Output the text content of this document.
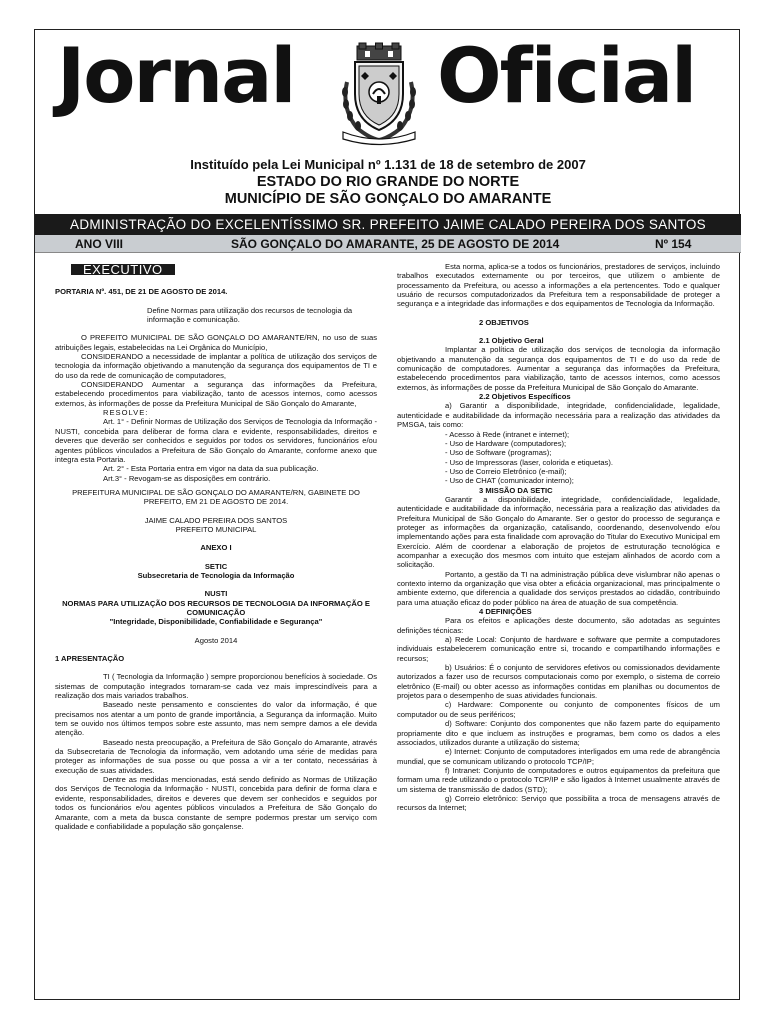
Jornal Oficial
Instituído pela Lei Municipal nº 1.131 de 18 de setembro de 2007
ESTADO DO RIO GRANDE DO NORTE
MUNICÍPIO DE SÃO GONÇALO DO AMARANTE
ADMINISTRAÇÃO DO EXCELENTÍSSIMO SR. PREFEITO JAIME CALADO PEREIRA DOS SANTOS
ANO VIII	SÃO GONÇALO DO AMARANTE, 25 DE AGOSTO DE 2014	Nº 154
EXECUTIVO

PORTARIA Nº. 451, DE 21 DE AGOSTO DE 2014.

Define Normas para utilização dos recursos de tecnologia da informação e comunicação.

O PREFEITO MUNICIPAL DE SÃO GONÇALO DO AMARANTE/RN, no uso de suas atribuições legais, estabelecidas na Lei Orgânica do Município,

CONSIDERANDO a necessidade de implantar a política de utilização dos serviços de tecnologia da informação objetivando a manutenção da segurança dos equipamentos de TI e do uso da rede de comunicação de computadores,

CONSIDERANDO Aumentar a segurança das informações da Prefeitura, estabelecendo procedimentos para viabilização, tanto de acessos internos, como acessos externos, às informações de posse da Prefeitura Municipal de São Gonçalo do Amarante,

RESOLVE:

Art. 1° - Definir Normas de Utilização dos Serviços de Tecnologia da Informação - NUSTI, concebida para deliberar de forma clara e evidente, responsabilidades, direitos e deveres que deverão ser conhecidos e seguidos por todos os servidores, funcionários e/ou agentes públicos vinculados a Prefeitura de São Gonçalo do Amarante, conforme anexo que integra esta Portaria.

Art. 2° - Esta Portaria entra em vigor na data da sua publicação.

Art.3° - Revogam-se as disposições em contrário.

PREFEITURA MUNICIPAL DE SÃO GONÇALO DO AMARANTE/RN, GABINETE DO PREFEITO, EM 21 DE AGOSTO DE 2014.

JAIME CALADO PEREIRA DOS SANTOS

PREFEITO MUNICIPAL

ANEXO I

SETIC

Subsecretaria de Tecnologia da Informação

NUSTI

NORMAS PARA UTILIZAÇÃO DOS RECURSOS DE TECNOLOGIA DA INFORMAÇÃO E COMUNICAÇÃO

"Integridade, Disponibilidade, Confiabilidade e Segurança"

Agosto 2014

1 APRESENTAÇÃO

TI ( Tecnologia da Informação ) sempre proporcionou benefícios à sociedade. Os sistemas de computação integrados tornaram-se cada vez mais imprescindíveis para a realização dos mais variados trabalhos.

Baseado neste pensamento e conscientes do valor da informação, é que precisamos nos atentar a um ponto de grande importância, a Segurança da informação. Muito tem se ouvido nos últimos tempos sobre este assunto, mas nem sempre damos a ele devida atenção.

Baseado nesta preocupação, a Prefeitura de São Gonçalo do Amarante, através da Subsecretaria de Tecnologia da informação, vem adotando uma série de medidas para proteger as informações de sua posse ou que possa a vir a ter contato, necessárias à execução de suas atividades.

Dentre as medidas mencionadas, está sendo definido as Normas de Utilização dos Serviços de Tecnologia da Informação - NUSTI, concebida para definir de forma clara e evidente, responsabilidades, direitos e deveres que devem ser conhecidos e seguidos por todos os funcionários e/ou agentes públicos vinculados a Prefeitura de São Gonçalo do Amarante, com a meta da busca constante de sempre podermos prestar um serviço com qualidade e confiabilidade a população são gonçalense.

Esta norma, aplica-se a todos os funcionários, prestadores de serviços, incluindo trabalhos executados externamente ou por terceiros, que utilizem o ambiente de processamento da Prefeitura, ou acesso a informações a ela pertencentes. Todo e qualquer usuário de recursos computadorizados da Prefeitura tem a responsabilidade de proteger a segurança e a integridade das informações e dos equipamentos de Tecnologia da Informação.

2 OBJETIVOS

2.1 Objetivo Geral

Implantar a política de utilização dos serviços de tecnologia da informação objetivando a manutenção da segurança dos equipamentos de TI e do uso da rede de comunicação de computadores. Aumentar a segurança das informações da Prefeitura, estabelecendo procedimentos para viabilização, tanto de acessos internos, como acessos externos, às informações de posse da Prefeitura Municipal de São Gonçalo do Amarante.

2.2 Objetivos Específicos

a) Garantir a disponibilidade, integridade, confidencialidade, legalidade, autenticidade e auditabilidade da informação necessária para a realização das atividades da PMSGA, tais como:

- Acesso à Rede (intranet e internet);

- Uso de Hardware (computadores);

- Uso de Software (programas);

- Uso de Impressoras (laser, colorida e etiquetas).

- Uso de Correio Eletrônico (e-mail);

- Uso de CHAT (comunicador interno);

3 MISSÃO DA SETIC

Garantir a disponibilidade, integridade, confidencialidade, legalidade, autenticidade e auditabilidade da informação, necessária para a realização das atividades da Prefeitura Municipal de São Gonçalo do Amarante. Ser o gestor do processo de segurança e proteger as informações da organização, catalisando, coordenando, desenvolvendo e/ou implementando ações para esta finalidade com aprovação do Titular do Executivo Municipal em Exercício. Além de coordenar a elaboração de projetos de estruturação tecnológica e acompanhar a execução dos mesmos com intuito que estejam alinhados de acordo com a solicitação.

Portanto, a gestão da TI na administração pública deve vislumbrar não apenas o contexto interno da organização que visa obter a eficácia organizacional, mas principalmente o ambiente externo, que diferencia a qualidade dos serviços prestados ao cidadão, contribuindo para uma atuação eficaz do poder público na área de atuação de sua competência.

4 DEFINIÇÕES

Para os efeitos e aplicações deste documento, são adotadas as seguintes definições técnicas:

a) Rede Local: Conjunto de hardware e software que permite a computadores individuais estabelecerem comunicação entre si, trocando e compartilhando informações e recursos;

b) Usuários: É o conjunto de servidores efetivos ou comissionados devidamente autorizados a fazer uso de recursos computacionais como por exemplo, o sistema de correio eletrônico (E-mail) ou obter acesso as informações contidas em planilhas ou documentos de projetos para o desempenho de suas atividades funcionais.

c) Hardware: Componente ou conjunto de componentes físicos de um computador ou de seus periféricos;

d) Software: Conjunto dos componentes que não fazem parte do equipamento propriamente dito e que incluem as instruções e programas, bem como os dados a eles associados, utilizados durante a utilização do sistema;

e) Internet: Conjunto de computadores interligados em uma rede de abrangência mundial, que se comunicam utilizando o protocolo TCP/IP;

f) Intranet: Conjunto de computadores e outros equipamentos da prefeitura que formam uma rede utilizando o protocolo TCP/IP e são ligados à Internet usualmente através de um sistema de transmissão de dados (STD);

g) Correio eletrônico: Serviço que possibilita a troca de mensagens através de recursos da Internet;
